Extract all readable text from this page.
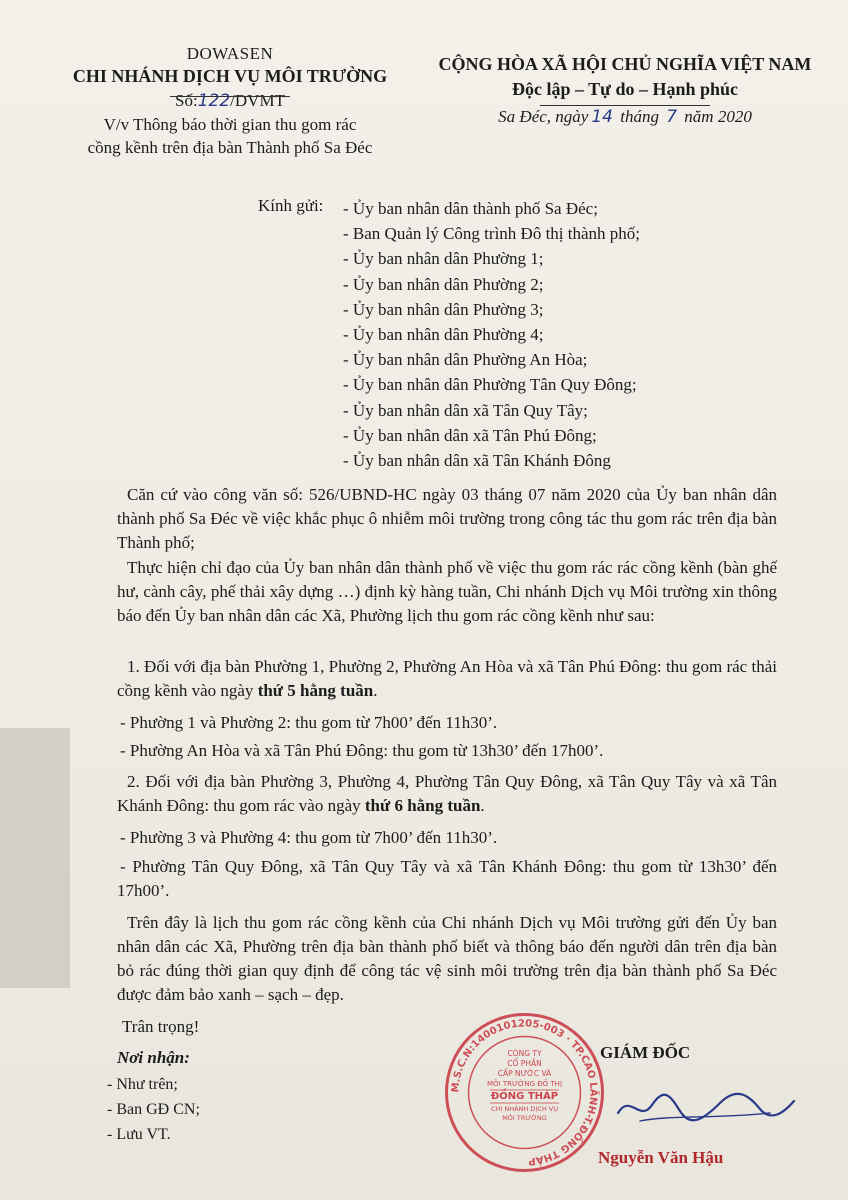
DOWASEN
CHI NHÁNH DỊCH VỤ MÔI TRƯỜNG
Số:122/DVMT
V/v Thông báo thời gian thu gom rác
cồng kềnh trên địa bàn Thành phố Sa Đéc
CỘNG HÒA XÃ HỘI CHỦ NGHĨA VIỆT NAM
Độc lập – Tự do – Hạnh phúc
Sa Đéc, ngày 14 tháng 7 năm 2020
Kính gửi: - Ủy ban nhân dân thành phố Sa Đéc;
- Ban Quản lý Công trình Đô thị thành phố;
- Ủy ban nhân dân Phường 1;
- Ủy ban nhân dân Phường 2;
- Ủy ban nhân dân Phường 3;
- Ủy ban nhân dân Phường 4;
- Ủy ban nhân dân Phường An Hòa;
- Ủy ban nhân dân Phường Tân Quy Đông;
- Ủy ban nhân dân xã Tân Quy Tây;
- Ủy ban nhân dân xã Tân Phú Đông;
- Ủy ban nhân dân xã Tân Khánh Đông
Căn cứ vào công văn số: 526/UBND-HC ngày 03 tháng 07 năm 2020 của Ủy ban nhân dân thành phố Sa Đéc về việc khắc phục ô nhiễm môi trường trong công tác thu gom rác trên địa bàn Thành phố;
Thực hiện chỉ đạo của Ủy ban nhân dân thành phố về việc thu gom rác rác cồng kềnh (bàn ghế hư, cành cây, phế thải xây dựng …) định kỳ hàng tuần, Chi nhánh Dịch vụ Môi trường xin thông báo đến Ủy ban nhân dân các Xã, Phường lịch thu gom rác cồng kềnh như sau:
1. Đối với địa bàn Phường 1, Phường 2, Phường An Hòa và xã Tân Phú Đông: thu gom rác thải cồng kềnh vào ngày thứ 5 hằng tuần.
- Phường 1 và Phường 2: thu gom từ 7h00’ đến 11h30’.
- Phường An Hòa và xã Tân Phú Đông: thu gom từ 13h30’ đến 17h00’.
2. Đối với địa bàn Phường 3, Phường 4, Phường Tân Quy Đông, xã Tân Quy Tây và xã Tân Khánh Đông: thu gom rác vào ngày thứ 6 hằng tuần.
- Phường 3 và Phường 4: thu gom từ 7h00’ đến 11h30’.
- Phường Tân Quy Đông, xã Tân Quy Tây và xã Tân Khánh Đông: thu gom từ 13h30’ đến 17h00’.
Trên đây là lịch thu gom rác cồng kềnh của Chi nhánh Dịch vụ Môi trường gửi đến Ủy ban nhân dân các Xã, Phường trên địa bàn thành phố biết và thông báo đến người dân trên địa bàn bỏ rác đúng thời gian quy định để công tác vệ sinh môi trường trên địa bàn thành phố Sa Đéc được đảm bảo xanh – sạch – đẹp.
Trân trọng!
Nơi nhận:
- Như trên;
- Ban GĐ CN;
- Lưu VT.
M.S.C.N:1400101205-003 · TP.CAO LÃNH-T.ĐỒNG THÁP
CÔNG TY
CỔ PHẦN
CẤP NƯỚC VÀ
MÔI TRƯỜNG ĐỒ THỊ
ĐỒNG THÁP
CHI NHÁNH DỊCH VỤ
MÔI TRƯỜNG
GIÁM ĐỐC
Nguyễn Văn Hậu
